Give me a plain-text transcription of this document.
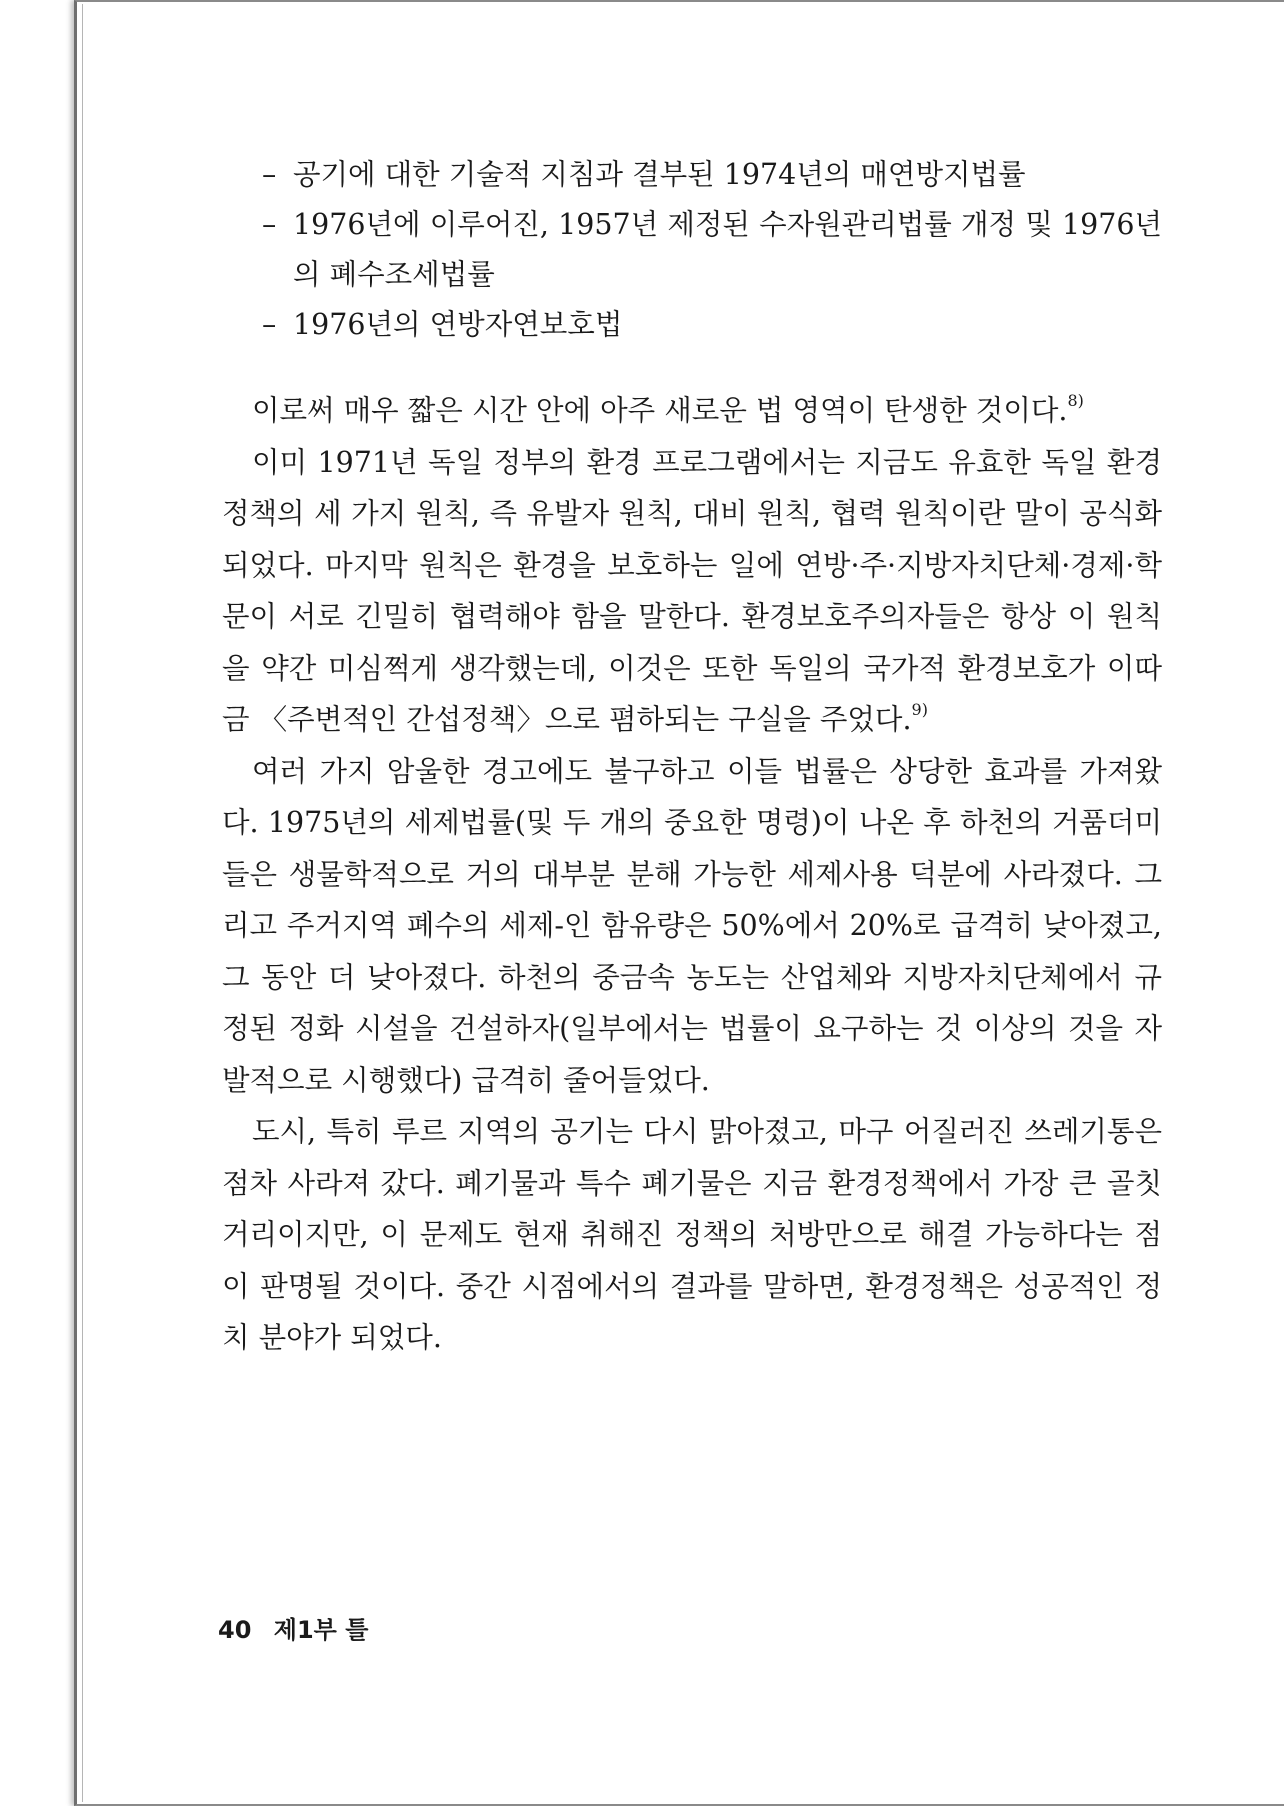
– 공기에 대한 기술적 지침과 결부된 1974년의 매연방지법률
– 1976년에 이루어진, 1957년 제정된 수자원관리법률 개정 및 1976년의 폐수조세법률
– 1976년의 연방자연보호법

이로써 매우 짧은 시간 안에 아주 새로운 법 영역이 탄생한 것이다.$^{8)}$

이미 1971년 독일 정부의 환경 프로그램에서는 지금도 유효한 독일 환경정책의 세 가지 원칙, 즉 유발자 원칙, 대비 원칙, 협력 원칙이란 말이 공식화되었다. 마지막 원칙은 환경을 보호하는 일에 연방·주·지방자치단체·경제·학문이 서로 긴밀히 협력해야 함을 말한다. 환경보호주의자들은 항상 이 원칙을 약간 미심쩍게 생각했는데, 이것은 또한 독일의 국가적 환경보호가 이따금 〈주변적인 간섭정책〉으로 폄하되는 구실을 주었다.$^{9)}$

여러 가지 암울한 경고에도 불구하고 이들 법률은 상당한 효과를 가져왔다. 1975년의 세제법률(및 두 개의 중요한 명령)이 나온 후 하천의 거품더미들은 생물학적으로 거의 대부분 분해 가능한 세제사용 덕분에 사라졌다. 그리고 주거지역 폐수의 세제-인 함유량은 50%에서 20%로 급격히 낮아졌고, 그 동안 더 낮아졌다. 하천의 중금속 농도는 산업체와 지방자치단체에서 규정된 정화 시설을 건설하자(일부에서는 법률이 요구하는 것 이상의 것을 자발적으로 시행했다) 급격히 줄어들었다.

도시, 특히 루르 지역의 공기는 다시 맑아졌고, 마구 어질러진 쓰레기통은 점차 사라져 갔다. 폐기물과 특수 폐기물은 지금 환경정책에서 가장 큰 골칫거리이지만, 이 문제도 현재 취해진 정책의 처방만으로 해결 가능하다는 점이 판명될 것이다. 중간 시점에서의 결과를 말하면, 환경정책은 성공적인 정치 분야가 되었다.

40 제1부 틀
